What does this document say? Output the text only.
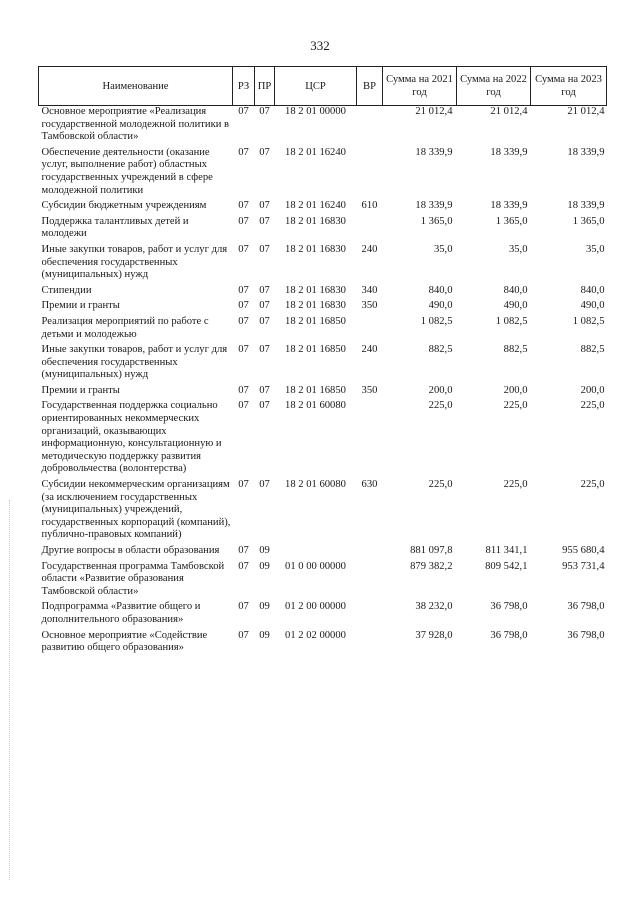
332
Наименование	РЗ	ПР	ЦСР	ВР	Сумма на 2021 год	Сумма на 2022 год	Сумма на 2023 год
Основное мероприятие «Реализация государственной молодежной политики в Тамбовской области»	07	07	18 2 01 00000		21 012,4	21 012,4	21 012,4
Обеспечение деятельности (оказание услуг, выполнение работ) областных государственных учреждений в сфере молодежной политики	07	07	18 2 01 16240		18 339,9	18 339,9	18 339,9
Субсидии бюджетным учреждениям	07	07	18 2 01 16240	610	18 339,9	18 339,9	18 339,9
Поддержка талантливых детей и молодежи	07	07	18 2 01 16830		1 365,0	1 365,0	1 365,0
Иные закупки товаров, работ и услуг для обеспечения государственных (муниципальных) нужд	07	07	18 2 01 16830	240	35,0	35,0	35,0
Стипендии	07	07	18 2 01 16830	340	840,0	840,0	840,0
Премии и гранты	07	07	18 2 01 16830	350	490,0	490,0	490,0
Реализация мероприятий по работе с детьми и молодежью	07	07	18 2 01 16850		1 082,5	1 082,5	1 082,5
Иные закупки товаров, работ и услуг для обеспечения государственных (муниципальных) нужд	07	07	18 2 01 16850	240	882,5	882,5	882,5
Премии и гранты	07	07	18 2 01 16850	350	200,0	200,0	200,0
Государственная поддержка социально ориентированных некоммерческих организаций, оказывающих информационную, консультационную и методическую поддержку развития добровольчества (волонтерства)	07	07	18 2 01 60080		225,0	225,0	225,0
Субсидии некоммерческим организациям (за исключением государственных (муниципальных) учреждений, государственных корпораций (компаний), публично-правовых компаний)	07	07	18 2 01 60080	630	225,0	225,0	225,0
Другие вопросы в области образования	07	09			881 097,8	811 341,1	955 680,4
Государственная программа Тамбовской области «Развитие образования Тамбовской области»	07	09	01 0 00 00000		879 382,2	809 542,1	953 731,4
Подпрограмма «Развитие общего и дополнительного образования»	07	09	01 2 00 00000		38 232,0	36 798,0	36 798,0
Основное мероприятие «Содействие развитию общего образования»	07	09	01 2 02 00000		37 928,0	36 798,0	36 798,0
